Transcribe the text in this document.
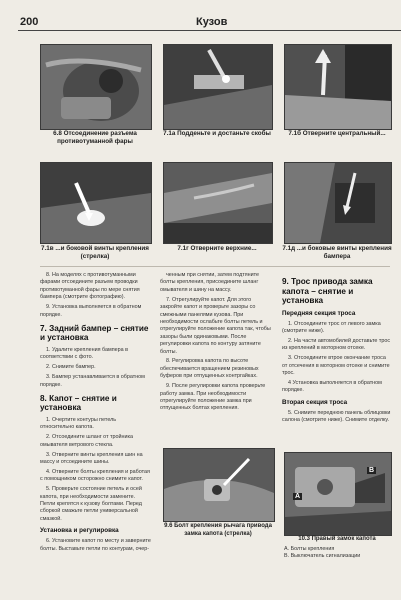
200	Кузов
6.8 Отсоединение разъема противотуманной фары
7.1а Подденьте и достаньте скобы	7.1б Отверните центральный...
7.1в ...и боковой винты крепления (стрелка)
7.1г Отверните верхние...	7.1д ...и боковые винты крепления бампера

8. На моделях с противотуманными фарами отсоедините разъем проводки противотуманной фары по мере снятия бампера (смотрите фотографию).

9. Установка выполняется в обратном порядке.

7. Задний бампер – снятие и установка

1. Удалите крепления бампера в соответствии с фото.

2. Снимите бампер.

3. Бампер устанавливается в обратном порядке.

8. Капот – снятие и установка

1. Очертите контуры петель относительно капота.

2. Отсоедините шланг от тройника омывателя ветрового стекла.

3. Отверните винты крепления шин на массу и отсоедините шины.

4. Отверните болты крепления и работая с помощником осторожно снимите капот.

5. Проверьте состояние петель и осей капота, при необходимости замените. Петли крепятся к кузову болтами. Перед сборкой смажьте петли универсальной смазкой.

Установка и регулировка

6. Установите капот по месту и заверните болты. Выставьте петли по контурам, очер-

ченным при снятии, затем подтяните болты крепления, присоедините шланг омывателя и шину на массу.

7. Отрегулируйте капот. Для этого закройте капот и проверьте зазоры со смежными панелями кузова. При необходимости ослабьте болты петель и отрегулируйте положение капота так, чтобы зазоры были одинаковыми. После регулировки капота по контуру затяните болты.

8. Регулировка капота по высоте обеспечивается вращением резиновых буферов при отпущенных контргайках.

9. После регулировки капота проверьте работу замка. При необходимости отрегулируйте положение замка при отпущенных болтах крепления.

9.6 Болт крепления рычага привода замка капота (стрелка)
9. Трос привода замка капота – снятие и установка
Передняя секция троса

1. Отсоедините трос от левого замка (смотрите ниже).

2. На части автомобилей доставьте трос из креплений в моторном отсеке.

3. Отсоедините втрое окончание троса от отсечения в моторном отсеке и снимите трос.

4 Установка выполняется в обратном порядке.

Вторая секция троса

5. Снимите переднюю панель облицовки салона (смотрите ниже). Снимите отделку.

A
B
10.3 Правый замок капота
А. Болты крепления
В. Выключатель сигнализации
